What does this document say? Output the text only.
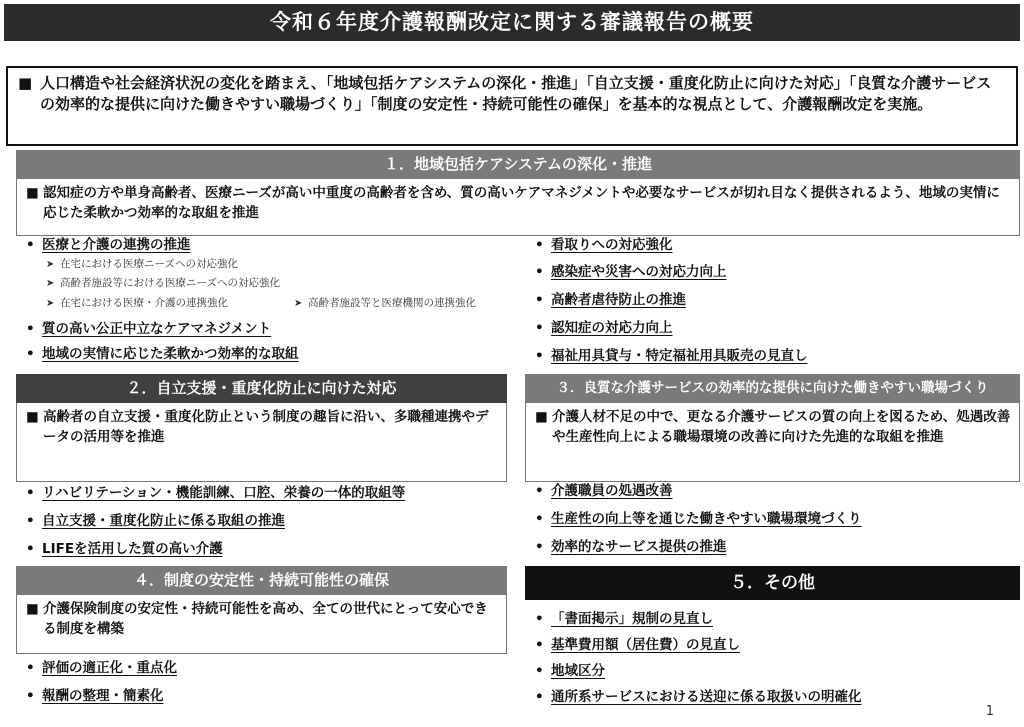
令和６年度介護報酬改定に関する審議報告の概要
■ 人口構造や社会経済状況の変化を踏まえ、「地域包括ケアシステムの深化・推進」「自立支援・重度化防止に向けた対応」「良質な介護サービスの効率的な提供に向けた働きやすい職場づくり」「制度の安定性・持続可能性の確保」を基本的な視点として、介護報酬改定を実施。
１．地域包括ケアシステムの深化・推進
■ 認知症の方や単身高齢者、医療ニーズが高い中重度の高齢者を含め、質の高いケアマネジメントや必要なサービスが切れ目なく提供されるよう、地域の実情に応じた柔軟かつ効率的な取組を推進
• 医療と介護の連携の推進
➤ 在宅における医療ニーズへの対応強化
➤ 高齢者施設等における医療ニーズへの対応強化
➤ 在宅における医療・介護の連携強化	➤ 高齢者施設等と医療機関の連携強化
• 質の高い公正中立なケアマネジメント
• 地域の実情に応じた柔軟かつ効率的な取組
• 看取りへの対応強化
• 感染症や災害への対応力向上
• 高齢者虐待防止の推進
• 認知症の対応力向上
• 福祉用具貸与・特定福祉用具販売の見直し
２．自立支援・重度化防止に向けた対応
■ 高齢者の自立支援・重度化防止という制度の趣旨に沿い、多職種連携やデータの活用等を推進
• リハビリテーション・機能訓練、口腔、栄養の一体的取組等
• 自立支援・重度化防止に係る取組の推進
• LIFEを活用した質の高い介護
３．良質な介護サービスの効率的な提供に向けた働きやすい職場づくり
■ 介護人材不足の中で、更なる介護サービスの質の向上を図るため、処遇改善や生産性向上による職場環境の改善に向けた先進的な取組を推進
• 介護職員の処遇改善
• 生産性の向上等を通じた働きやすい職場環境づくり
• 効率的なサービス提供の推進
４．制度の安定性・持続可能性の確保
■ 介護保険制度の安定性・持続可能性を高め、全ての世代にとって安心できる制度を構築
• 評価の適正化・重点化
• 報酬の整理・簡素化
５．その他
• 「書面掲示」規制の見直し
• 基準費用額（居住費）の見直し
• 地域区分
• 通所系サービスにおける送迎に係る取扱いの明確化
1
